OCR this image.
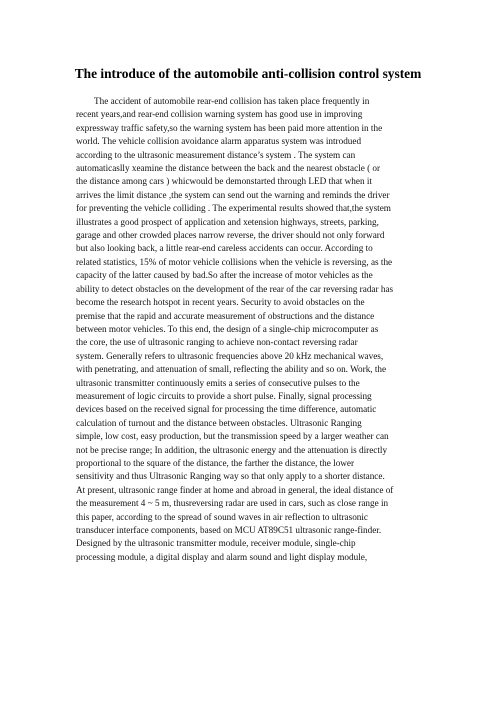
The introduce of the automobile anti-collision control system
The accident of automobile rear-end collision has taken place frequently in
recent years,and rear-end collision warning system has good use in improving
expressway traffic safety,so the warning system has been paid more attention in the
world. The vehicle collision avoidance alarm apparatus system was introdued
according to the ultrasonic measurement distance’s system . The system can
automaticaslly xeamine the distance between the back and the nearest obstacle ( or
the distance among cars ) whicwould be demonstarted through LED that when it
arrives the limit distance ,the system can send out the warning and reminds the driver
for preventing the vehicle colliding . The experimental results showed that,the system
illustrates a good prospect of application and xetension highways, streets, parking,
garage and other crowded places narrow reverse, the driver should not only forward
but also looking back, a little rear-end careless accidents can occur. According to
related statistics, 15% of motor vehicle collisions when the vehicle is reversing, as the
capacity of the latter caused by bad.So after the increase of motor vehicles as the
ability to detect obstacles on the development of the rear of the car reversing radar has
become the research hotspot in recent years. Security to avoid obstacles on the
premise that the rapid and accurate measurement of obstructions and the distance
between motor vehicles. To this end, the design of a single-chip microcomputer as
the core, the use of ultrasonic ranging to achieve non-contact reversing radar
system. Generally refers to ultrasonic frequencies above 20 kHz mechanical waves,
with penetrating, and attenuation of small, reflecting the ability and so on. Work, the
ultrasonic transmitter continuously emits a series of consecutive pulses to the
measurement of logic circuits to provide a short pulse. Finally, signal processing
devices based on the received signal for processing the time difference, automatic
calculation of turnout and the distance between obstacles. Ultrasonic Ranging
simple, low cost, easy production, but the transmission speed by a larger weather can
not be precise range; In addition, the ultrasonic energy and the attenuation is directly
proportional to the square of the distance, the farther the distance, the lower
sensitivity and thus Ultrasonic Ranging way so that only apply to a shorter distance.
At present, ultrasonic range finder at home and abroad in general, the ideal distance of
the measurement 4 ~ 5 m, thusreversing radar are used in cars, such as close range in
this paper, according to the spread of sound waves in air reflection to ultrasonic
transducer interface components, based on MCU AT89C51 ultrasonic range-finder.
Designed by the ultrasonic transmitter module, receiver module, single-chip
processing module, a digital display and alarm sound and light display module,
